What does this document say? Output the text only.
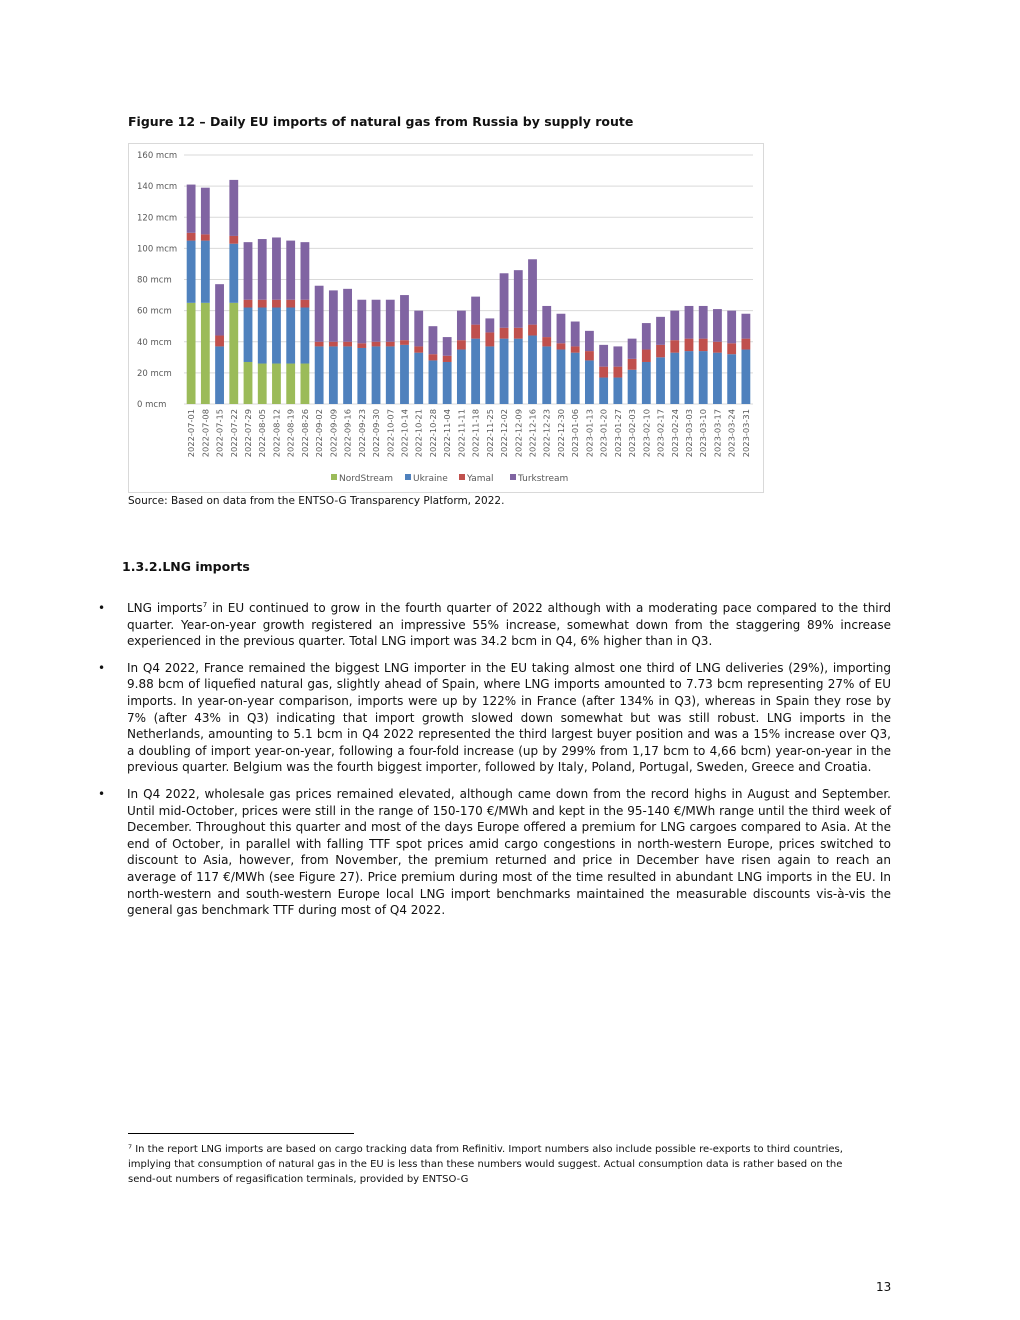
Figure 12 – Daily EU imports of natural gas from Russia by supply route
0 mcm
20 mcm
40 mcm
60 mcm
80 mcm
100 mcm
120 mcm
140 mcm
160 mcm
2022-07-01 2022-07-08 2022-07-15 2022-07-22 2022-07-29 2022-08-05 2022-08-12 2022-08-19 2022-08-26 2022-09-02 2022-09-09 2022-09-16 2022-09-23 2022-09-30 2022-10-07 2022-10-14 2022-10-21 2022-10-28 2022-11-04 2022-11-11 2022-11-18 2022-11-25 2022-12-02 2022-12-09 2022-12-16 2022-12-23 2022-12-30 2023-01-06 2023-01-13 2023-01-20 2023-01-27 2023-02-03 2023-02-10 2023-02-17 2023-02-24 2023-03-03 2023-03-10 2023-03-17 2023-03-24 2023-03-31
NordStream Ukraine Yamal	Turkstream
Source: Based on data from the ENTSO-G Transparency Platform, 2022.
1.3.2.LNG imports
• LNG imports$^7$ in EU continued to grow in the fourth quarter of 2022 although with a moderating pace compared to the third quarter. Year-on-year growth registered an impressive 55% increase, somewhat down from the staggering 89% increase experienced in the previous quarter. Total LNG import was 34.2 bcm in Q4, 6% higher than in Q3.
• In Q4 2022, France remained the biggest LNG importer in the EU taking almost one third of LNG deliveries (29%), importing 9.88 bcm of liquefied natural gas, slightly ahead of Spain, where LNG imports amounted to 7.73 bcm representing 27% of EU imports. In year-on-year comparison, imports were up by 122% in France (after 134% in Q3), whereas in Spain they rose by 7% (after 43% in Q3) indicating that import growth slowed down somewhat but was still robust. LNG imports in the Netherlands, amounting to 5.1 bcm in Q4 2022 represented the third largest buyer position and was a 15% increase over Q3, a doubling of import year-on-year, following a four-fold increase (up by 299% from 1,17 bcm to 4,66 bcm) year-on-year in the previous quarter. Belgium was the fourth biggest importer, followed by Italy, Poland, Portugal, Sweden, Greece and Croatia.
• In Q4 2022, wholesale gas prices remained elevated, although came down from the record highs in August and September. Until mid-October, prices were still in the range of 150-170 €/MWh and kept in the 95-140 €/MWh range until the third week of December. Throughout this quarter and most of the days Europe offered a premium for LNG cargoes compared to Asia. At the end of October, in parallel with falling TTF spot prices amid cargo congestions in north-western Europe, prices switched to discount to Asia, however, from November, the premium returned and price in December have risen again to reach an average of 117 €/MWh (see Figure 27). Price premium during most of the time resulted in abundant LNG imports in the EU. In north-western and south-western Europe local LNG import benchmarks maintained the measurable discounts vis-à-vis the general gas benchmark TTF during most of Q4 2022.
⁷ In the report LNG imports are based on cargo tracking data from Refinitiv. Import numbers also include possible re-exports to third countries, implying that consumption of natural gas in the EU is less than these numbers would suggest. Actual consumption data is rather based on the send-out numbers of regasification terminals, provided by ENTSO-G
13
